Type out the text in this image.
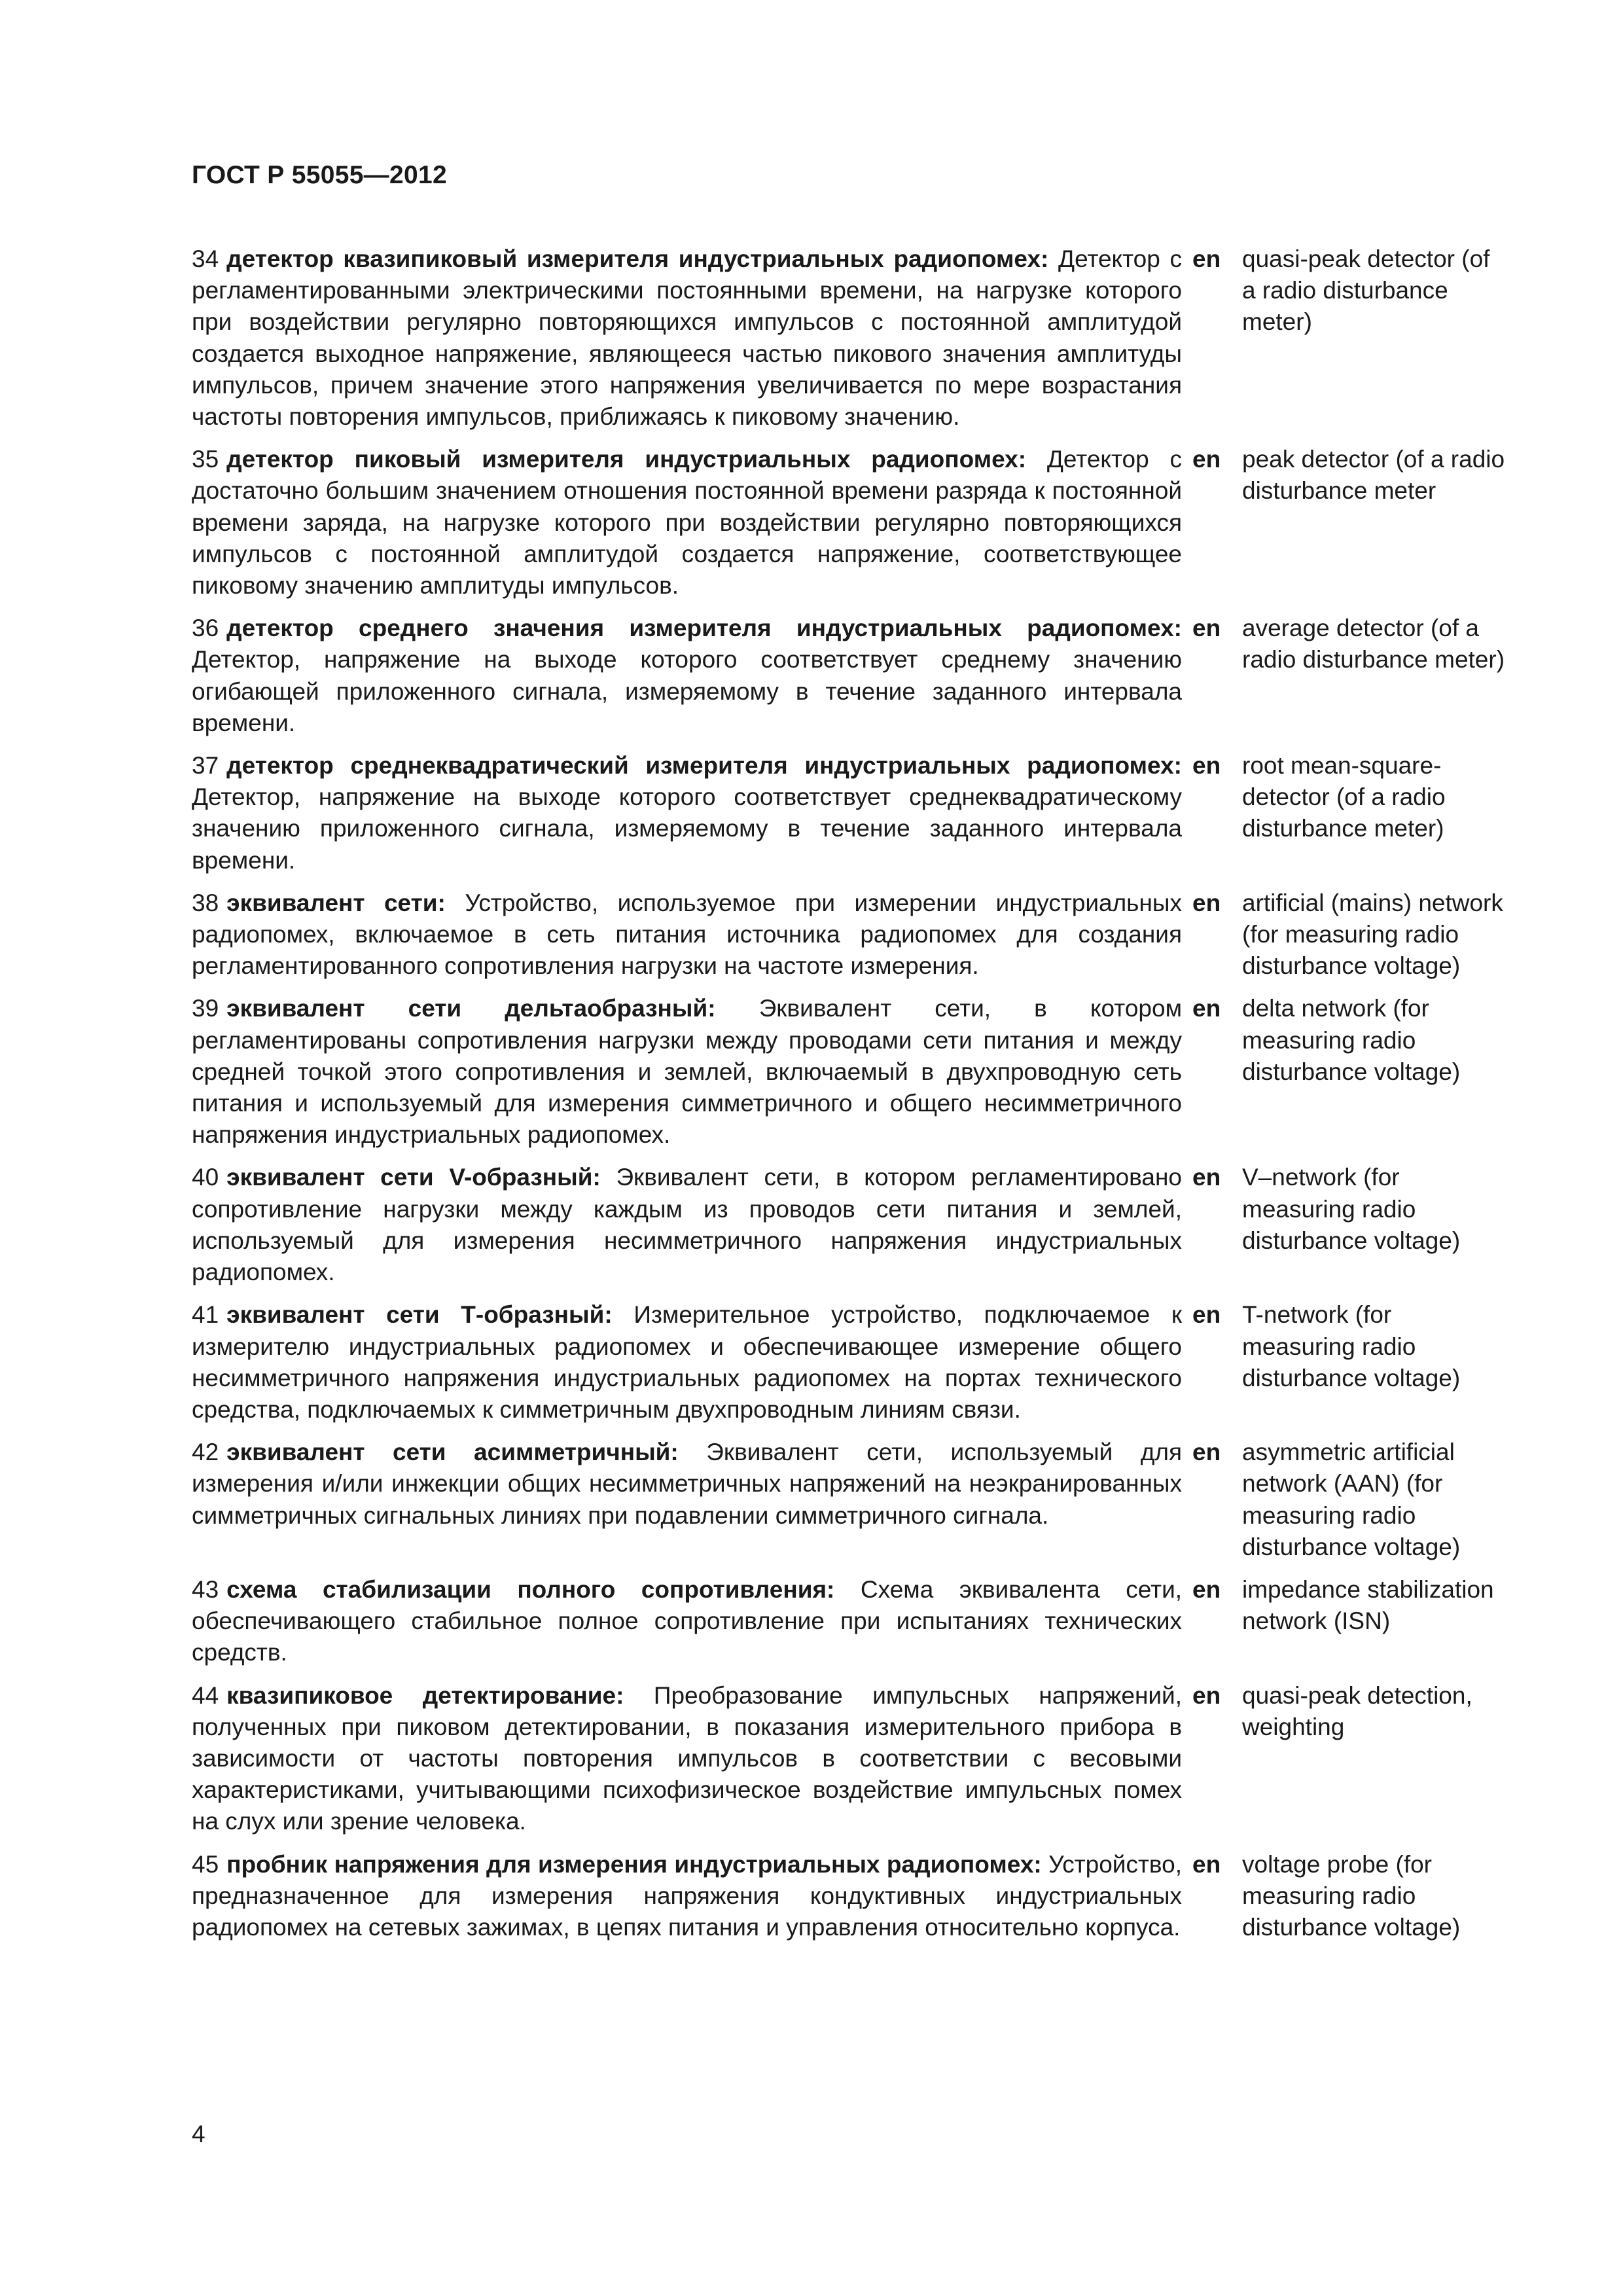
ГОСТ Р 55055—2012
34 детектор квазипиковый измерителя индустриальных радиопомех: Детектор с регламентированными электрическими постоянными времени, на нагрузке которого при воздействии регулярно повторяющихся импульсов с постоянной амплитудой создается выходное напряжение, являющееся частью пикового значения амплитуды импульсов, причем значение этого напряжения увеличивается по мере возрастания частоты повторения импульсов, приближаясь к пиковому значению.
en quasi-peak detector (of a radio disturbance meter)
35 детектор пиковый измерителя индустриальных радиопомех: Детектор с достаточно большим значением отношения постоянной времени разряда к постоянной времени заряда, на нагрузке которого при воздействии регулярно повторяющихся импульсов с постоянной амплитудой создается напряжение, соответствующее пиковому значению амплитуды импульсов.
en peak detector (of a radio disturbance meter
36 детектор среднего значения измерителя индустриальных радиопомех: Детектор, напряжение на выходе которого соответствует среднему значению огибающей приложенного сигнала, измеряемому в течение заданного интервала времени.
en average detector (of a radio disturbance meter)
37 детектор среднеквадратический измерителя индустриальных радиопомех: Детектор, напряжение на выходе которого соответствует среднеквадратическому значению приложенного сигнала, измеряемому в течение заданного интервала времени.
en root mean-square-detector (of a radio disturbance meter)
38 эквивалент сети: Устройство, используемое при измерении индустриальных радиопомех, включаемое в сеть питания источника радиопомех для создания регламентированного сопротивления нагрузки на частоте измерения.
en artificial (mains) network (for measuring radio disturbance voltage)
39 эквивалент сети дельтаобразный: Эквивалент сети, в котором регламентированы сопротивления нагрузки между проводами сети питания и между средней точкой этого сопротивления и землей, включаемый в двухпроводную сеть питания и используемый для измерения симметричного и общего несимметричного напряжения индустриальных радиопомех.
en delta network (for measuring radio disturbance voltage)
40 эквивалент сети V-образный: Эквивалент сети, в котором регламентировано сопротивление нагрузки между каждым из проводов сети питания и землей, используемый для измерения несимметричного напряжения индустриальных радиопомех.
en V–network (for measuring radio disturbance voltage)
41 эквивалент сети Т-образный: Измерительное устройство, подключаемое к измерителю индустриальных радиопомех и обеспечивающее измерение общего несимметричного напряжения индустриальных радиопомех на портах технического средства, подключаемых к симметричным двухпроводным линиям связи.
en T-network (for measuring radio disturbance voltage)
42 эквивалент сети асимметричный: Эквивалент сети, используемый для измерения и/или инжекции общих несимметричных напряжений на неэкранированных симметричных сигнальных линиях при подавлении симметричного сигнала.
en asymmetric artificial network (AAN) (for measuring radio disturbance voltage)
43 схема стабилизации полного сопротивления: Схема эквивалента сети, обеспечивающего стабильное полное сопротивление при испытаниях технических средств.
en impedance stabilization network (ISN)
44 квазипиковое детектирование: Преобразование импульсных напряжений, полученных при пиковом детектировании, в показания измерительного прибора в зависимости от частоты повторения импульсов в соответствии с весовыми характеристиками, учитывающими психофизическое воздействие импульсных помех на слух или зрение человека.
en quasi-peak detection, weighting
45 пробник напряжения для измерения индустриальных радиопомех: Устройство, предназначенное для измерения напряжения кондуктивных индустриальных радиопомех на сетевых зажимах, в цепях питания и управления относительно корпуса.
en voltage probe (for measuring radio disturbance voltage)
4
